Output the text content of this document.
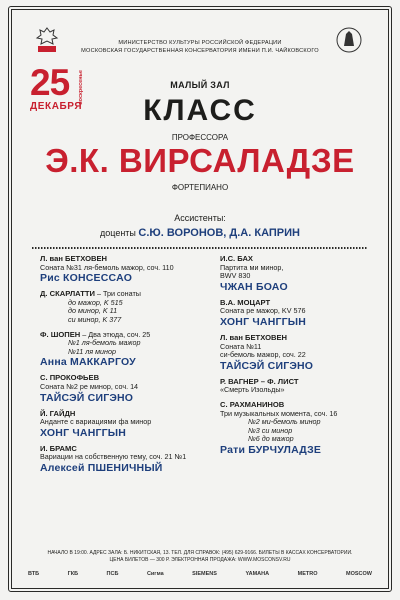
МИНИСТЕРСТВО КУЛЬТУРЫ РОССИЙСКОЙ ФЕДЕРАЦИИ
МОСКОВСКАЯ ГОСУДАРСТВЕННАЯ КОНСЕРВАТОРИЯ ИМЕНИ П.И. ЧАЙКОВСКОГО
25 воскресенье
ДЕКАБРЯ
МАЛЫЙ ЗАЛ
КЛАСС
ПРОФЕССОРА
Э.К. ВИРСАЛАДЗЕ
ФОРТЕПИАНО
Ассистенты:
доценты С.Ю. ВОРОНОВ, Д.А. КАПРИН
Л. ван БЕТХОВЕН
Соната №31 ля-бемоль мажор, соч. 110
Рис КОНСЕССАО
Д. СКАРЛАТТИ – Три сонаты
до мажор, K 515
до минор, K 11
си минор, K 377
Ф. ШОПЕН – Два этюда, соч. 25
№1 ля-бемоль мажор
№11 ля минор
Анна МАККАРГОУ
С. ПРОКОФЬЕВ
Соната №2 ре минор, соч. 14
ТАЙСЭЙ СИГЭНО
Й. ГАЙДН
Анданте с вариациями фа минор
ХОНГ ЧАНГГЫН
И. БРАМС
Вариации на собственную тему, соч. 21 №1
Алексей ПШЕНИЧНЫЙ
И.С. БАХ
Партита ми минор,
BWV 830
ЧЖАН БОАО
В.А. МОЦАРТ
Соната ре мажор, KV 576
ХОНГ ЧАНГГЫН
Л. ван БЕТХОВЕН
Соната №11
си-бемоль мажор, соч. 22
ТАЙСЭЙ СИГЭНО
Р. ВАГНЕР – Ф. ЛИСТ
«Смерть Изольды»
С. РАХМАНИНОВ
Три музыкальных момента, соч. 16
№2 ми-бемоль минор
№3 си минор
№6 до мажор
Рати БУРЧУЛАДЗЕ
НАЧАЛО В 19:00. АДРЕС ЗАЛА: Б. НИКИТСКАЯ, 13. ТЕЛ. ДЛЯ СПРАВОК: (495) 629-9166. БИЛЕТЫ В КАССАХ КОНСЕРВАТОРИИ.
ЦЕНА БИЛЕТОВ — 300 Р. ЭЛЕКТРОННАЯ ПРОДАЖА: WWW.MOSCONSV.RU
ВТБ	ГКБ	ПСБ	Сигма	SIEMENS	YAMAHA	METRO	MOSCOW
